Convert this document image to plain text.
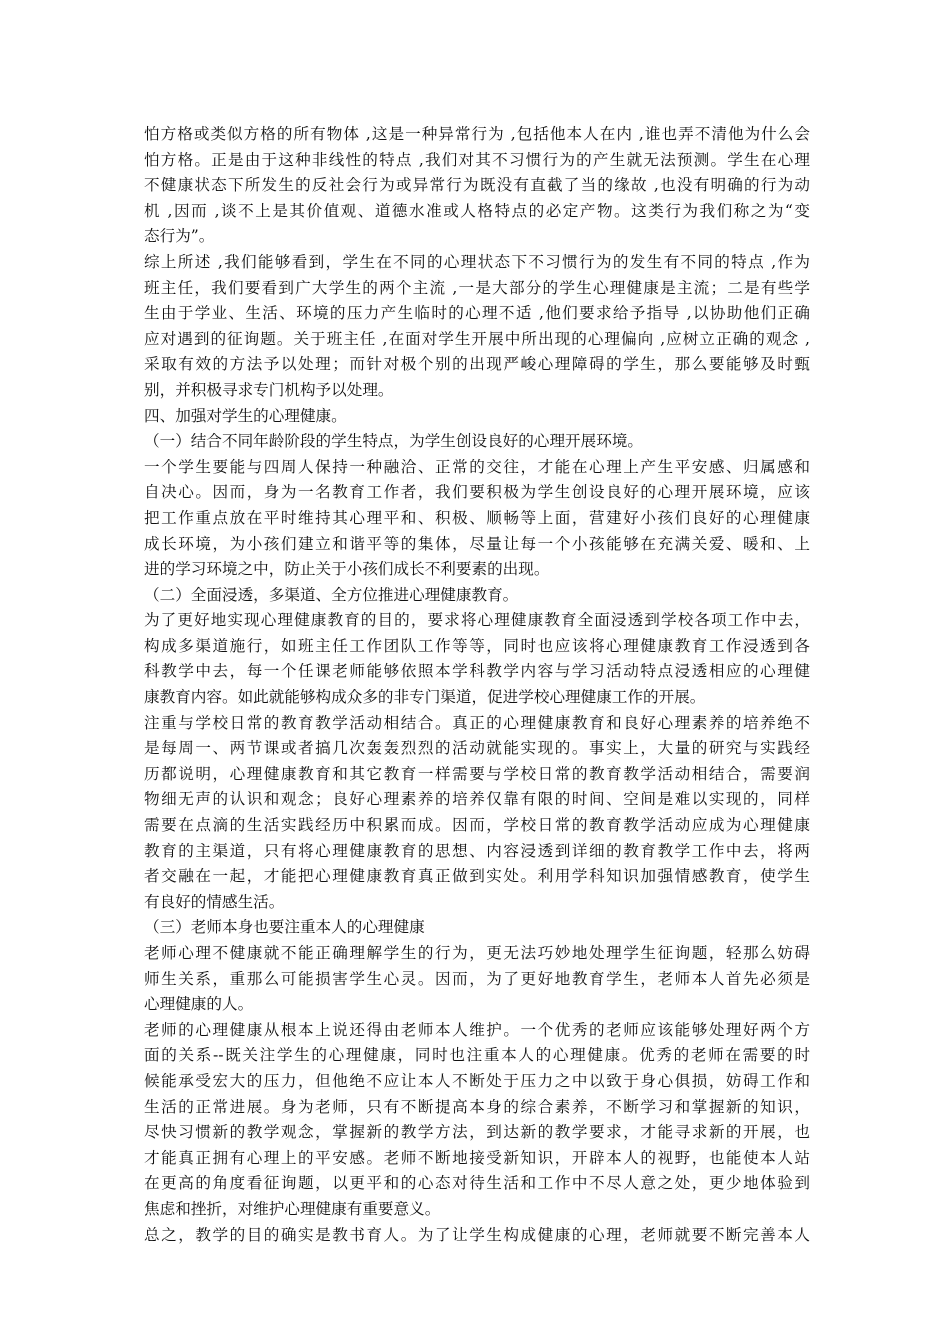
怕方格或类似方格的所有物体 ,这是一种异常行为 ,包括他本人在内 ,谁也弄不清他为什么会
怕方格。正是由于这种非线性的特点 ,我们对其不习惯行为的产生就无法预测。学生在心理
不健康状态下所发生的反社会行为或异常行为既没有直截了当的缘故 ,也没有明确的行为动
机 ,因而 ,谈不上是其价值观、道德水准或人格特点的必定产物。这类行为我们称之为“变
态行为”。
综上所述 ,我们能够看到，学生在不同的心理状态下不习惯行为的发生有不同的特点 ,作为
班主任，我们要看到广大学生的两个主流 ,一是大部分的学生心理健康是主流；二是有些学
生由于学业、生活、环境的压力产生临时的心理不适 ,他们要求给予指导 ,以协助他们正确
应对遇到的征询题。关于班主任 ,在面对学生开展中所出现的心理偏向 ,应树立正确的观念 ,
采取有效的方法予以处理；而针对极个别的出现严峻心理障碍的学生，那么要能够及时甄
别，并积极寻求专门机构予以处理。
四、加强对学生的心理健康。
（一）结合不同年龄阶段的学生特点，为学生创设良好的心理开展环境。
一个学生要能与四周人保持一种融洽、正常的交往，才能在心理上产生平安感、归属感和
自决心。因而，身为一名教育工作者，我们要积极为学生创设良好的心理开展环境，应该
把工作重点放在平时维持其心理平和、积极、顺畅等上面，营建好小孩们良好的心理健康
成长环境，为小孩们建立和谐平等的集体，尽量让每一个小孩能够在充满关爱、暖和、上
进的学习环境之中，防止关于小孩们成长不利要素的出现。
（二）全面浸透，多渠道、全方位推进心理健康教育。
为了更好地实现心理健康教育的目的，要求将心理健康教育全面浸透到学校各项工作中去，
构成多渠道施行，如班主任工作团队工作等等，同时也应该将心理健康教育工作浸透到各
科教学中去，每一个任课老师能够依照本学科教学内容与学习活动特点浸透相应的心理健
康教育内容。如此就能够构成众多的非专门渠道，促进学校心理健康工作的开展。
注重与学校日常的教育教学活动相结合。真正的心理健康教育和良好心理素养的培养绝不
是每周一、两节课或者搞几次轰轰烈烈的活动就能实现的。事实上，大量的研究与实践经
历都说明，心理健康教育和其它教育一样需要与学校日常的教育教学活动相结合，需要润
物细无声的认识和观念；良好心理素养的培养仅靠有限的时间、空间是难以实现的，同样
需要在点滴的生活实践经历中积累而成。因而，学校日常的教育教学活动应成为心理健康
教育的主渠道，只有将心理健康教育的思想、内容浸透到详细的教育教学工作中去，将两
者交融在一起，才能把心理健康教育真正做到实处。利用学科知识加强情感教育，使学生
有良好的情感生活。
（三）老师本身也要注重本人的心理健康
老师心理不健康就不能正确理解学生的行为，更无法巧妙地处理学生征询题，轻那么妨碍
师生关系，重那么可能损害学生心灵。因而，为了更好地教育学生，老师本人首先必须是
心理健康的人。
老师的心理健康从根本上说还得由老师本人维护。一个优秀的老师应该能够处理好两个方
面的关系--既关注学生的心理健康，同时也注重本人的心理健康。优秀的老师在需要的时
候能承受宏大的压力，但他绝不应让本人不断处于压力之中以致于身心俱损，妨碍工作和
生活的正常进展。身为老师，只有不断提高本身的综合素养，不断学习和掌握新的知识，
尽快习惯新的教学观念，掌握新的教学方法，到达新的教学要求，才能寻求新的开展，也
才能真正拥有心理上的平安感。老师不断地接受新知识，开辟本人的视野，也能使本人站
在更高的角度看征询题，以更平和的心态对待生活和工作中不尽人意之处，更少地体验到
焦虑和挫折，对维护心理健康有重要意义。
总之，教学的目的确实是教书育人。为了让学生构成健康的心理，老师就要不断完善本人
